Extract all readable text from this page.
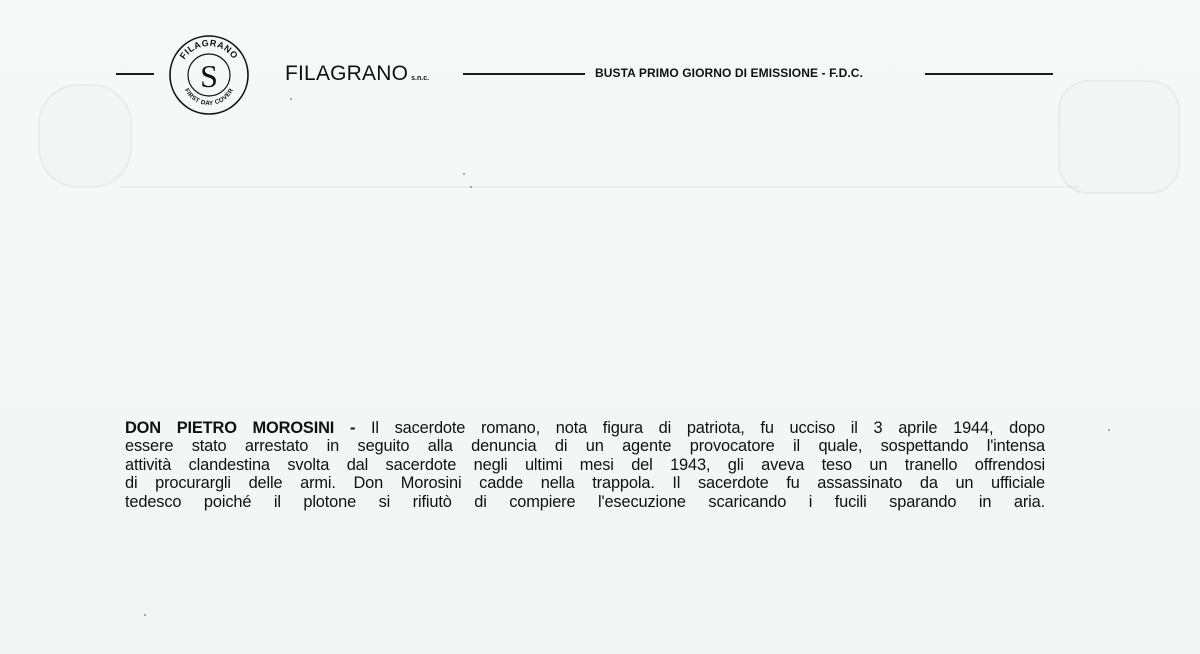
FILAGRANO
FIRST DAY COVER
S	FILAGRANO s.n.c.	BUSTA PRIMO GIORNO DI EMISSIONE - F.D.C.
DON PIETRO MOROSINI - Il sacerdote romano, nota figura di patriota, fu ucciso il 3 aprile 1944, dopo
essere stato arrestato in seguito alla denuncia di un agente provocatore il quale, sospettando l'intensa
attività clandestina svolta dal sacerdote negli ultimi mesi del 1943, gli aveva teso un tranello offrendosi
di procurargli delle armi. Don Morosini cadde nella trappola. Il sacerdote fu assassinato da un ufficiale
tedesco poiché il plotone si rifiutò di compiere l'esecuzione scaricando i fucili sparando in aria.
